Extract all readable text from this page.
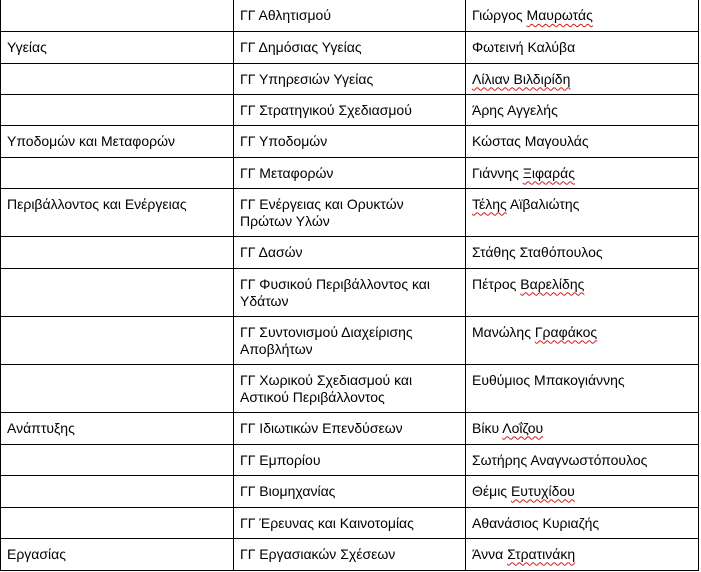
	ΓΓ Αθλητισμού	Γιώργος Μαυρωτάς
Υγείας	ΓΓ Δημόσιας Υγείας	Φωτεινή Καλύβα
	ΓΓ Υπηρεσιών Υγείας	Λίλιαν Βιλδιρίδη
	ΓΓ Στρατηγικού Σχεδιασμού	Άρης Αγγελής
Υποδομών και Μεταφορών	ΓΓ Υποδομών	Κώστας Μαγουλάς
	ΓΓ Μεταφορών	Γιάννης Ξιφαράς
Περιβάλλοντος και Ενέργειας	ΓΓ Ενέργειας και Ορυκτών Πρώτων Υλών	Τέλης Αϊβαλιώτης
	ΓΓ Δασών	Στάθης Σταθόπουλος
	ΓΓ Φυσικού Περιβάλλοντος και Υδάτων	Πέτρος Βαρελίδης
	ΓΓ Συντονισμού Διαχείρισης Αποβλήτων	Μανώλης Γραφάκος
	ΓΓ Χωρικού Σχεδιασμού και Αστικού Περιβάλλοντος	Ευθύμιος Μπακογιάννης
Ανάπτυξης	ΓΓ Ιδιωτικών Επενδύσεων	Βίκυ Λοΐζου
	ΓΓ Εμπορίου	Σωτήρης Αναγνωστόπουλος
	ΓΓ Βιομηχανίας	Θέμις Ευτυχίδου
	ΓΓ Έρευνας και Καινοτομίας	Αθανάσιος Κυριαζής
Εργασίας	ΓΓ Εργασιακών Σχέσεων	Άννα Στρατινάκη
